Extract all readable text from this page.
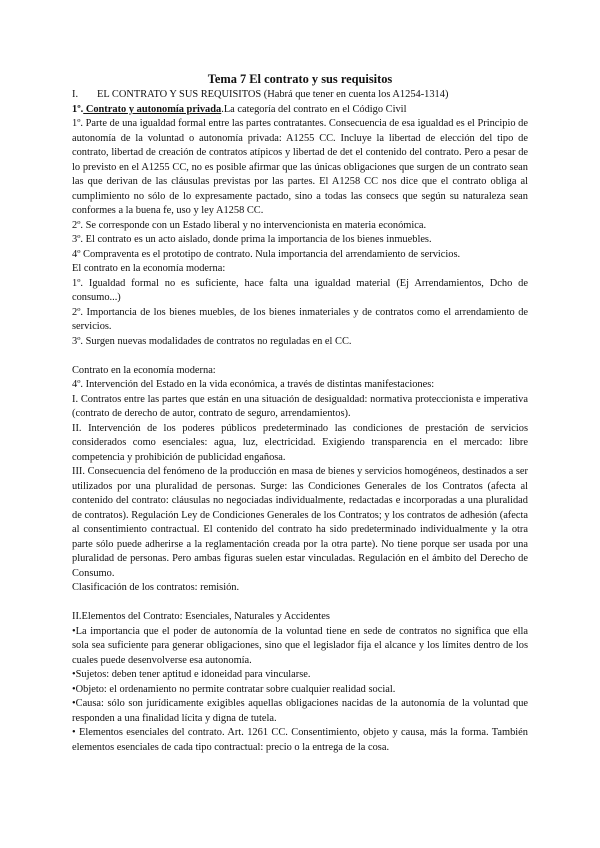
Tema 7 El contrato y sus requisitos
I.	EL CONTRATO Y SUS REQUISITOS (Habrá que tener en cuenta los A1254-1314)

1º. Contrato y autonomía privada.La categoría del contrato en el Código Civil

1º. Parte de una igualdad formal entre las partes contratantes. Consecuencia de esa igualdad es el Principio de autonomía de la voluntad o autonomía privada: A1255 CC. Incluye la libertad de elección del tipo de contrato, libertad de creación de contratos atípicos y libertad de det el contenido del contrato. Pero a pesar de lo previsto en el A1255 CC, no es posible afirmar que las únicas obligaciones que surgen de un contrato sean las que derivan de las cláusulas previstas por las partes. El A1258 CC nos dice que el contrato obliga al cumplimiento no sólo de lo expresamente pactado, sino a todas las consecs que según su naturaleza sean conformes a la buena fe, uso y ley A1258 CC.

2º. Se corresponde con un Estado liberal y no intervencionista en materia económica.

3º. El contrato es un acto aislado, donde prima la importancia de los bienes inmuebles.

4º Compraventa es el prototipo de contrato. Nula importancia del arrendamiento de servicios.

El contrato en la economía moderna:

1º. Igualdad formal no es suficiente, hace falta una igualdad material (Ej Arrendamientos, Dcho de consumo...)

2º. Importancia de los bienes muebles, de los bienes inmateriales y de contratos como el arrendamiento de servicios.

3º. Surgen nuevas modalidades de contratos no reguladas en el CC.

Contrato en la economía moderna:

4º. Intervención del Estado en la vida económica, a través de distintas manifestaciones:

I. Contratos entre las partes que están en una situación de desigualdad: normativa proteccionista e imperativa (contrato de derecho de autor, contrato de seguro, arrendamientos).

II. Intervención de los poderes públicos predeterminado las condiciones de prestación de servicios considerados como esenciales: agua, luz, electricidad. Exigiendo transparencia en el mercado: libre competencia y prohibición de publicidad engañosa.

III. Consecuencia del fenómeno de la producción en masa de bienes y servicios homogéneos, destinados a ser utilizados por una pluralidad de personas. Surge: las Condiciones Generales de los Contratos (afecta al contenido del contrato: cláusulas no negociadas individualmente, redactadas e incorporadas a una pluralidad de contratos). Regulación Ley de Condiciones Generales de los Contratos; y los contratos de adhesión (afecta al consentimiento contractual. El contenido del contrato ha sido predeterminado individualmente y la otra parte sólo puede adherirse a la reglamentación creada por la otra parte). No tiene porque ser usada por una pluralidad de personas. Pero ambas figuras suelen estar vinculadas. Regulación en el ámbito del Derecho de Consumo.

Clasificación de los contratos: remisión.

II.Elementos del Contrato: Esenciales, Naturales y Accidentes

•La importancia que el poder de autonomía de la voluntad tiene en sede de contratos no significa que ella sola sea suficiente para generar obligaciones, sino que el legislador fija el alcance y los límites dentro de los cuales puede desenvolverse esa autonomía.

•Sujetos: deben tener aptitud e idoneidad para vincularse.

•Objeto: el ordenamiento no permite contratar sobre cualquier realidad social.

•Causa: sólo son jurídicamente exigibles aquellas obligaciones nacidas de la autonomía de la voluntad que responden a una finalidad lícita y digna de tutela.

• Elementos esenciales del contrato. Art. 1261 CC. Consentimiento, objeto y causa, más la forma. También elementos esenciales de cada tipo contractual: precio o la entrega de la cosa.
